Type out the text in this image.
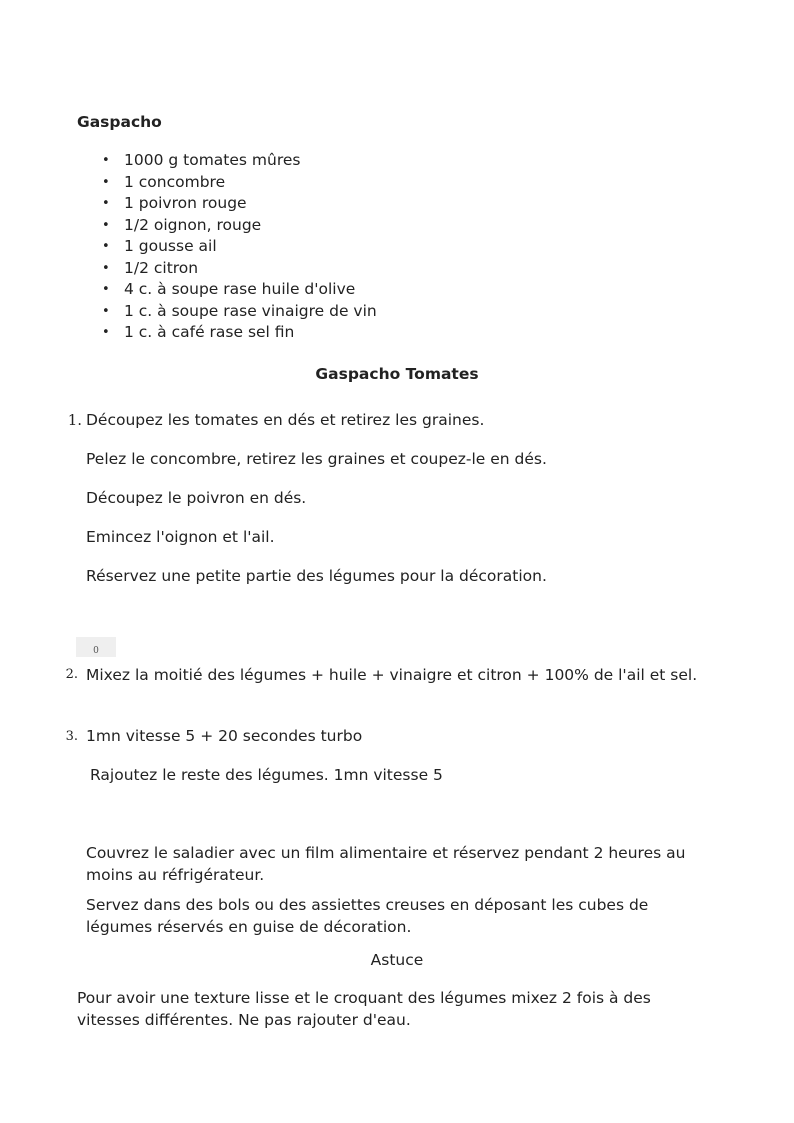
Gaspacho
• 1000 g tomates mûres
• 1 concombre
• 1 poivron rouge
• 1/2 oignon, rouge
• 1 gousse ail
• 1/2 citron
• 4 c. à soupe rase huile d'olive
• 1 c. à soupe rase vinaigre de vin
• 1 c. à café rase sel fin
Gaspacho Tomates
1. Découpez les tomates en dés et retirez les graines.
Pelez le concombre, retirez les graines et coupez-le en dés.
Découpez le poivron en dés.
Emincez l'oignon et l'ail.
Réservez une petite partie des légumes pour la décoration.
0
2. Mixez la moitié des légumes + huile + vinaigre et citron + 100% de l'ail et sel.
3. 1mn vitesse 5 + 20 secondes turbo
Rajoutez le reste des légumes. 1mn vitesse 5
Couvrez le saladier avec un film alimentaire et réservez pendant 2 heures au moins au réfrigérateur.
Servez dans des bols ou des assiettes creuses en déposant les cubes de légumes réservés en guise de décoration.
Astuce
Pour avoir une texture lisse et le croquant des légumes mixez 2 fois à des vitesses différentes. Ne pas rajouter d'eau.
